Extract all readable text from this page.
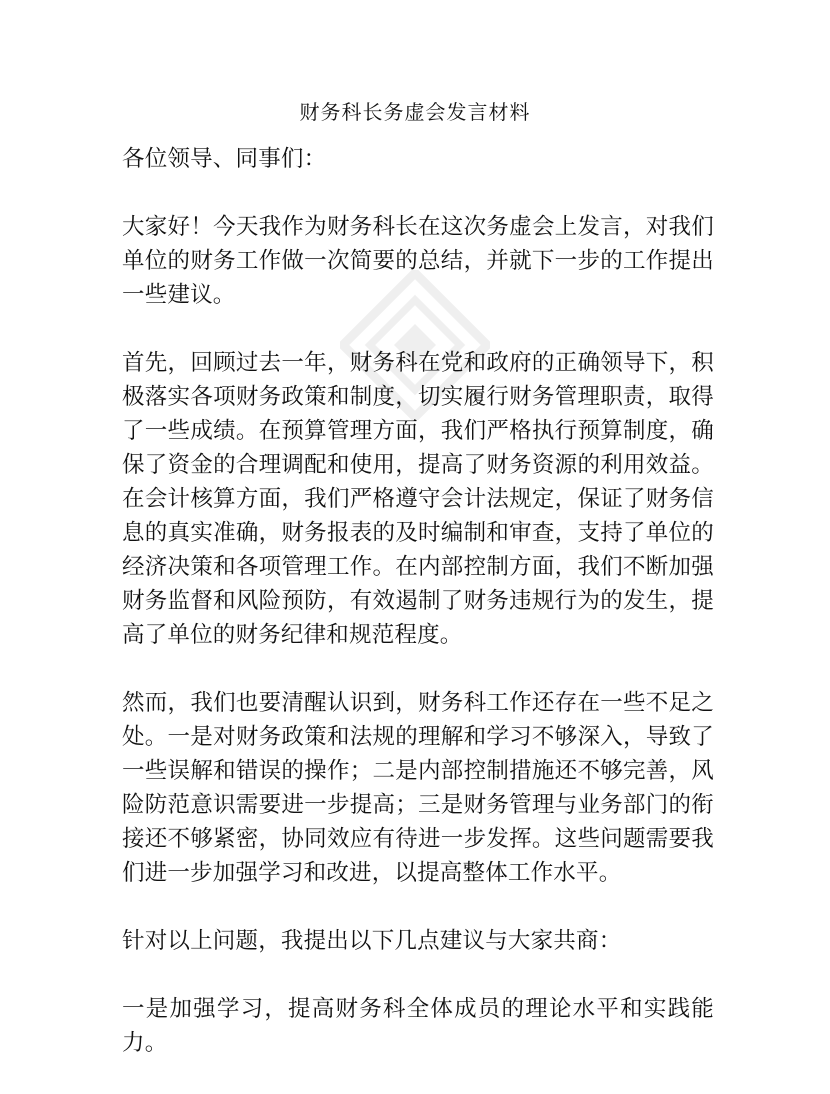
财务科长务虚会发言材料

各位领导、同事们：

大家好！今天我作为财务科长在这次务虚会上发言，对我们单位的财务工作做一次简要的总结，并就下一步的工作提出一些建议。

首先，回顾过去一年，财务科在党和政府的正确领导下，积极落实各项财务政策和制度，切实履行财务管理职责，取得了一些成绩。在预算管理方面，我们严格执行预算制度，确保了资金的合理调配和使用，提高了财务资源的利用效益。在会计核算方面，我们严格遵守会计法规定，保证了财务信息的真实准确，财务报表的及时编制和审查，支持了单位的经济决策和各项管理工作。在内部控制方面，我们不断加强财务监督和风险预防，有效遏制了财务违规行为的发生，提高了单位的财务纪律和规范程度。

然而，我们也要清醒认识到，财务科工作还存在一些不足之处。一是对财务政策和法规的理解和学习不够深入，导致了一些误解和错误的操作；二是内部控制措施还不够完善，风险防范意识需要进一步提高；三是财务管理与业务部门的衔接还不够紧密，协同效应有待进一步发挥。这些问题需要我们进一步加强学习和改进，以提高整体工作水平。

针对以上问题，我提出以下几点建议与大家共商：

一是加强学习，提高财务科全体成员的理论水平和实践能力。
